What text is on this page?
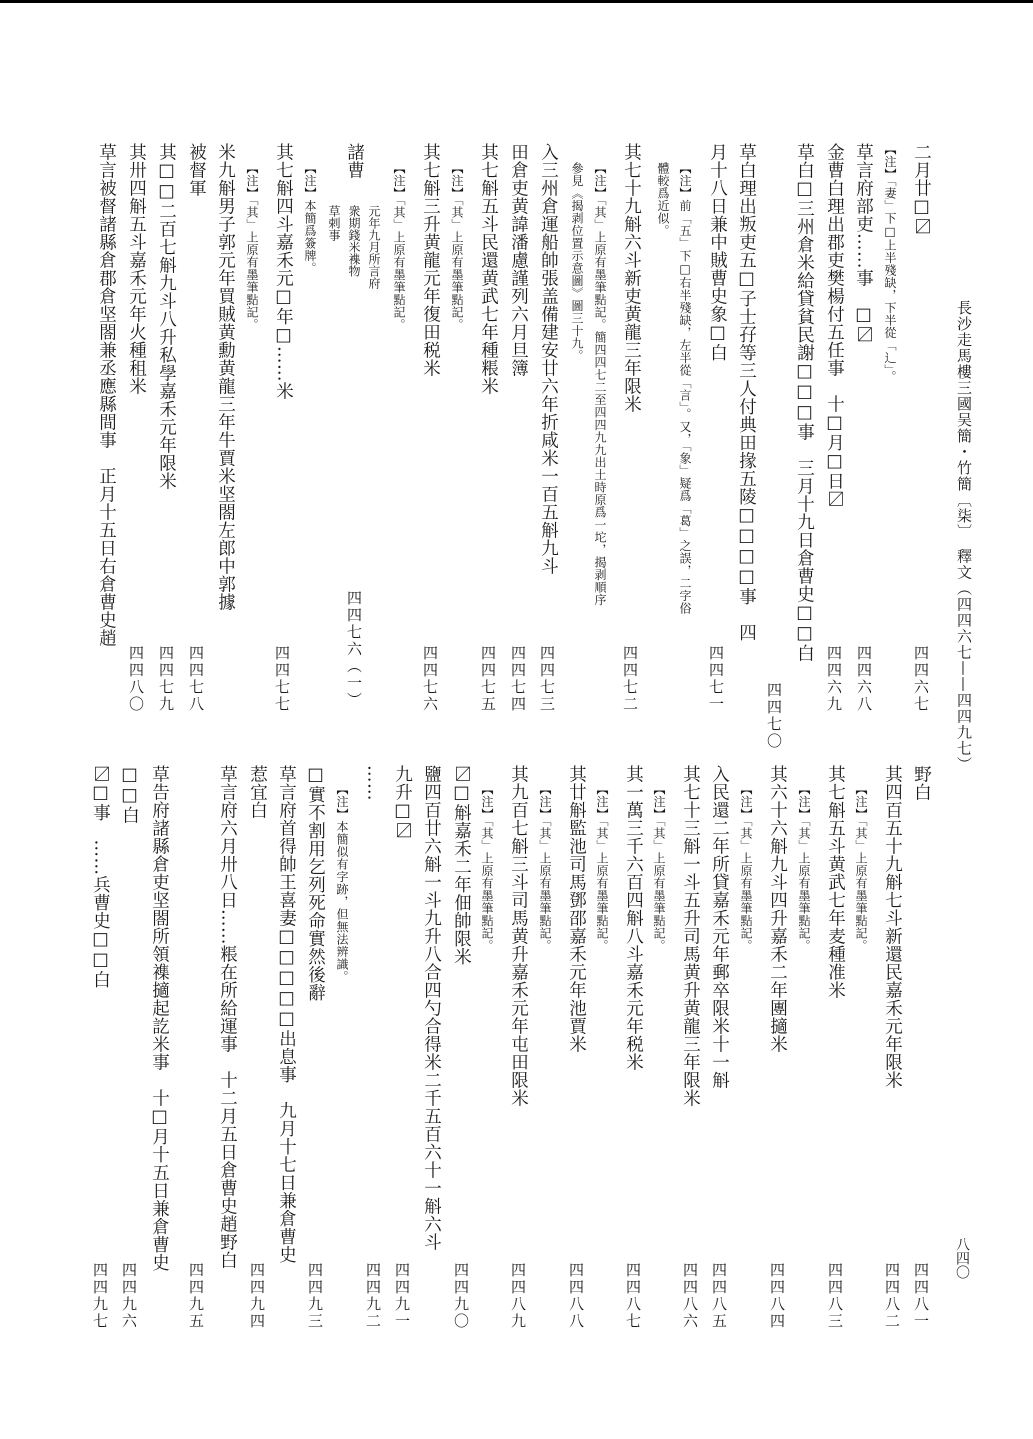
長沙走馬樓三國吴簡・竹簡〔柒〕　釋文（四四六七——四四九七）
八四〇
二月廿□〼
四四六七
【注】「妻」下□上半殘缺，下半從「辶」。
草言府部吏……事　□〼
四四六八
金曹白理出郡吏樊楊付五任事　十□月□日〼
四四六九
草白□三州倉米給貸貧民謝□□□事　三月十九日倉曹史□□白
四四七〇
草白理出叛吏五□子士孖等三人付典田掾五陵□□□□事　四
月十八日兼中賊曹史象□白
四四七一
【注】前「五」下□右半殘缺，左半從「言」。又，「象」疑爲「葛」之誤，二字俗
體較爲近似。
其七十九斛六斗新吏黄龍三年限米
四四七二
【注】「其」上原有墨筆點記。簡四四七二至四四九九出土時原爲一坨，揭剥順序
參見《揭剥位置示意圖》圖三十九。
入三州倉運船帥張盖備建安廿六年折咸米一百五斛九斗
四四七三
田倉吏黄諱潘慮謹列六月旦簿
四四七四
其七斛五斗民還黄武七年種粻米
四四七五
【注】「其」上原有墨筆點記。
其七斛三升黄龍元年復田税米
四四七六
【注】「其」上原有墨筆點記。
諸曹
元年九月所言府
衆期錢米襍物
草剌事
四四七六（一）
【注】本簡爲簽牌。
其七斛四斗嘉禾元□年□……米
四四七七
【注】「其」上原有墨筆點記。
米九斛男子郭元年買賊黄勳黄龍三年牛賈米坚閤左郎中郭據
被督軍
四四七八
其□□二百七斛九斗八升私學嘉禾元年限米
四四七九
其卅四斛五斗嘉禾元年火種租米
四四八〇
草言被督諸縣倉郡倉坚閤兼丞應縣間事　正月十五日右倉曹史趙
野白
四四八一
其四百五十九斛七斗新還民嘉禾元年限米
四四八二
【注】「其」上原有墨筆點記。
其七斛五斗黄武七年麦種准米
四四八三
【注】「其」上原有墨筆點記。
其六十六斛九斗四升嘉禾二年團擿米
四四八四
【注】「其」上原有墨筆點記。
入民還二年所貸嘉禾元年郵卒限米十一斛
四四八五
其七十三斛一斗五升司馬黄升黄龍三年限米
四四八六
【注】「其」上原有墨筆點記。
其一萬三千六百四斛八斗嘉禾元年税米
四四八七
【注】「其」上原有墨筆點記。
其廿斛監池司馬鄧邵嘉禾元年池賈米
四四八八
【注】「其」上原有墨筆點記。
其九百七斛三斗司馬黄升嘉禾元年屯田限米
四四八九
【注】「其」上原有墨筆點記。
〼□斛嘉禾二年佃帥限米
四四九〇
鹽四百廿六斛一斗九升八合四勺合得米二千五百六十一斛六斗
九升□〼
四四九一
……
四四九二
【注】本簡似有字跡，但無法辨識。
□實不割用乞列死命實然後辭
四四九三
草言府首得帥王喜妻□□□□□出息事　九月十七日兼倉曹史
惹宜白
四四九四
草言府六月卅八日……粻在所給運事　十二月五日倉曹史趙野白
四四九五
草告府諸縣倉吏坚閤所領襍擿起訖米事　十□月十五日兼倉曹史
□□白
四四九六
〼□事　……兵曹史□□白
四四九七
